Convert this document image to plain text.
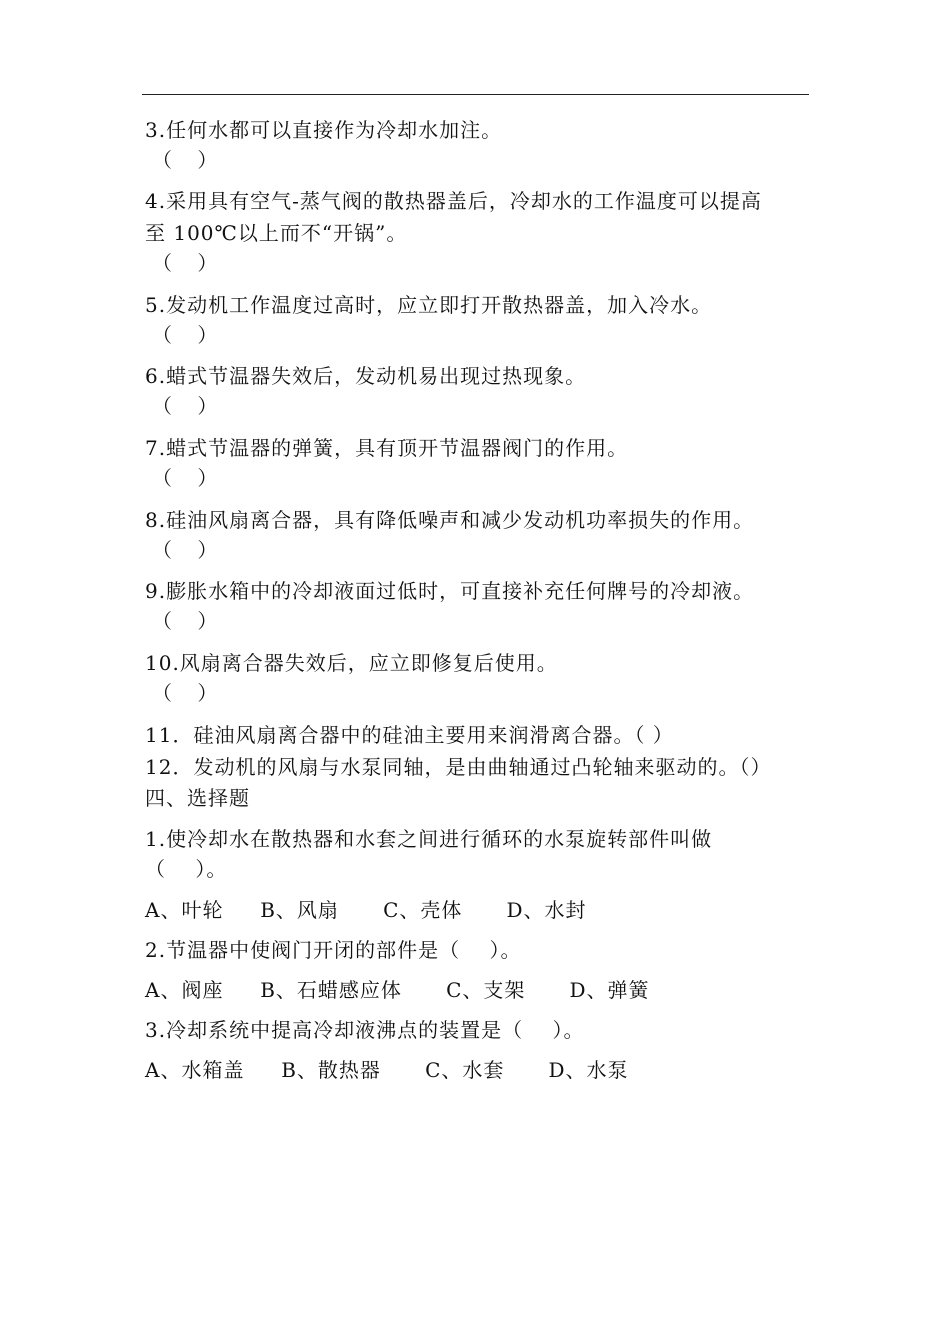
3.任何水都可以直接作为冷却水加注。
（    ）
4.采用具有空气-蒸气阀的散热器盖后，冷却水的工作温度可以提高
至 100℃以上而不“开锅”。
（    ）
5.发动机工作温度过高时，应立即打开散热器盖，加入冷水。
（    ）
6.蜡式节温器失效后，发动机易出现过热现象。
（    ）
7.蜡式节温器的弹簧，具有顶开节温器阀门的作用。
（    ）
8.硅油风扇离合器，具有降低噪声和减少发动机功率损失的作用。
（    ）
9.膨胀水箱中的冷却液面过低时，可直接补充任何牌号的冷却液。
（    ）
10.风扇离合器失效后，应立即修复后使用。
（    ）
11．硅油风扇离合器中的硅油主要用来润滑离合器。（ ）
12．发动机的风扇与水泵同轴，是由曲轴通过凸轮轴来驱动的。（）
四、选择题
1.使冷却水在散热器和水套之间进行循环的水泵旋转部件叫做
（    ）。
A、叶轮     B、风扇      C、壳体      D、水封
2.节温器中使阀门开闭的部件是（    ）。
A、阀座     B、石蜡感应体      C、支架      D、弹簧
3.冷却系统中提高冷却液沸点的装置是（    ）。
A、水箱盖     B、散热器      C、水套      D、水泵
